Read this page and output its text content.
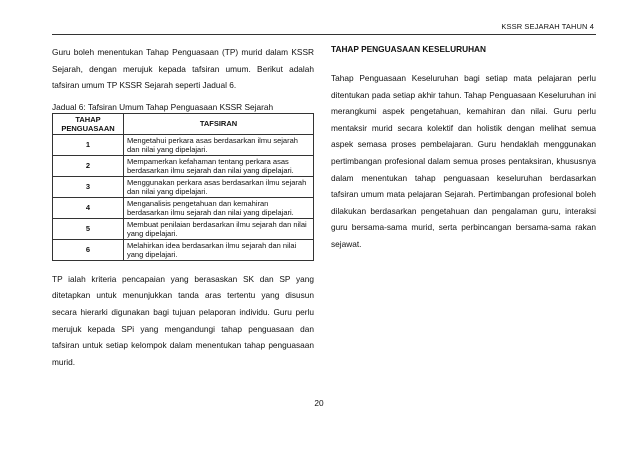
KSSR SEJARAH TAHUN 4

Guru boleh menentukan Tahap Penguasaan (TP) murid dalam KSSR Sejarah, dengan merujuk kepada tafsiran umum. Berikut adalah tafsiran umum TP KSSR Sejarah seperti Jadual 6.

Jadual 6: Tafsiran Umum Tahap Penguasaan KSSR Sejarah
TAHAP PENGUASAAN	TAFSIRAN
1	Mengetahui perkara asas berdasarkan ilmu sejarah dan nilai yang dipelajari.
2	Mempamerkan kefahaman tentang perkara asas berdasarkan ilmu sejarah dan nilai yang dipelajari.
3	Menggunakan perkara asas berdasarkan ilmu sejarah dan nilai yang dipelajari.
4	Menganalisis pengetahuan dan kemahiran berdasarkan ilmu sejarah dan nilai yang dipelajari.
5	Membuat penilaian berdasarkan ilmu sejarah dan nilai yang dipelajari.
6	Melahirkan idea berdasarkan ilmu sejarah dan nilai yang dipelajari.

TP ialah kriteria pencapaian yang berasaskan SK dan SP yang ditetapkan untuk menunjukkan tanda aras tertentu yang disusun secara hierarki digunakan bagi tujuan pelaporan individu. Guru perlu merujuk kepada SPi yang mengandungi tahap penguasaan dan tafsiran untuk setiap kelompok dalam menentukan tahap penguasaan murid.

TAHAP PENGUASAAN KESELURUHAN

Tahap Penguasaan Keseluruhan bagi setiap mata pelajaran perlu ditentukan pada setiap akhir tahun. Tahap Penguasaan Keseluruhan ini merangkumi aspek pengetahuan, kemahiran dan nilai. Guru perlu mentaksir murid secara kolektif dan holistik dengan melihat semua aspek semasa proses pembelajaran. Guru hendaklah menggunakan pertimbangan profesional dalam semua proses pentaksiran, khususnya dalam menentukan tahap penguasaan keseluruhan berdasarkan tafsiran umum mata pelajaran Sejarah. Pertimbangan profesional boleh dilakukan berdasarkan pengetahuan dan pengalaman guru, interaksi guru bersama-sama murid, serta perbincangan bersama-sama rakan sejawat.

20
